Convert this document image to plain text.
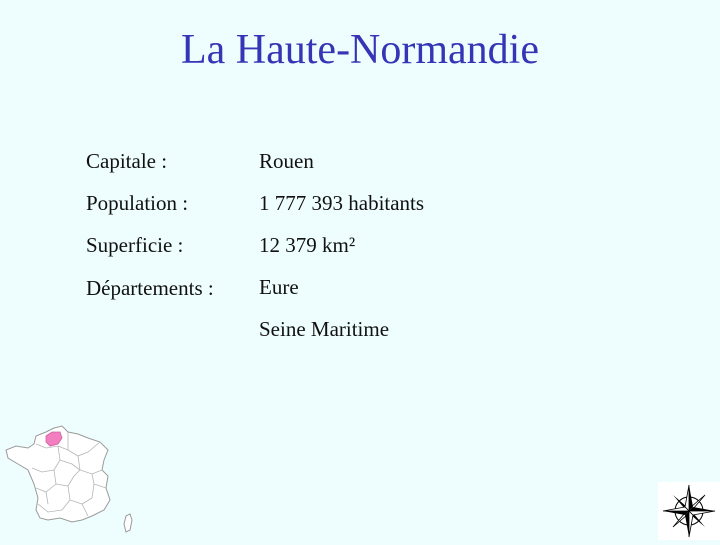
La Haute-Normandie
Capitale :	Rouen
Population :	1 777 393 habitants
Superficie :	12 379 km²
Départements :	Eure
Seine Maritime
